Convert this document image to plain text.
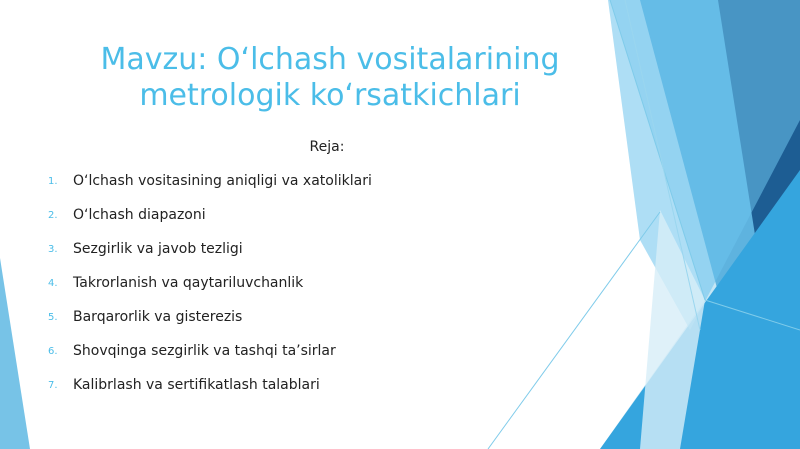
Mavzu: O‘lchash vositalarining
metrologik ko‘rsatkichlari
Reja:
1.	O‘lchash vositasining aniqligi va xatoliklari
2.	O‘lchash diapazoni
3.	Sezgirlik va javob tezligi
4.	Takrorlanish va qaytariluvchanlik
5.	Barqarorlik va gisterezis
6.	Shovqinga sezgirlik va tashqi ta’sirlar
7.	Kalibrlash va sertifikatlash talablari
